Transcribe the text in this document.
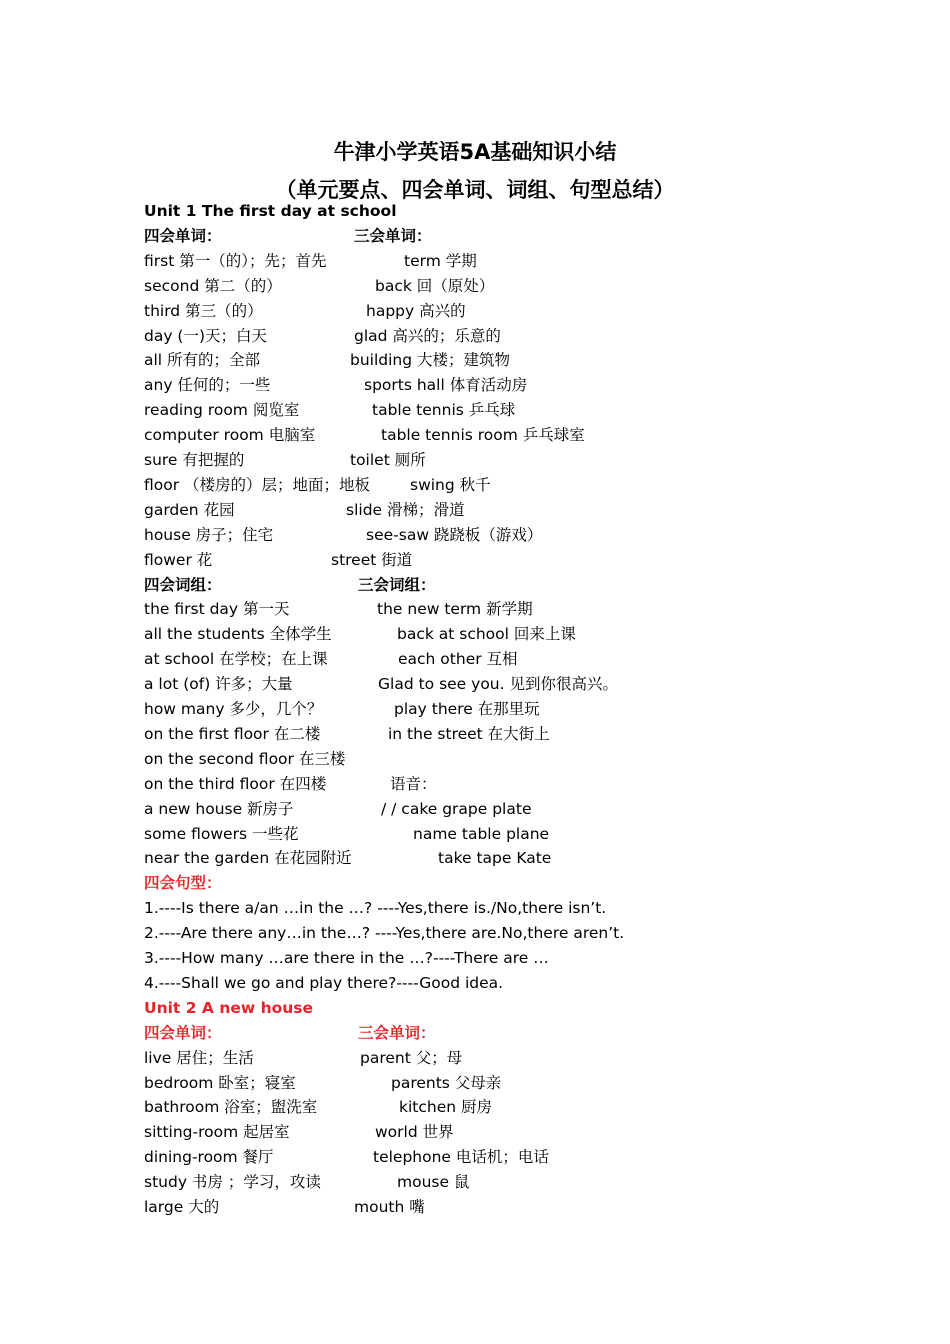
牛津小学英语5A基础知识小结
（单元要点、四会单词、词组、句型总结）
Unit 1 The first day at school
四会单词：	三会单词：
first 第一（的）；先；首先	term 学期
second 第二（的）	back 回（原处）
third 第三（的）	happy 高兴的
day (一)天；白天	glad 高兴的；乐意的
all 所有的；全部	building 大楼；建筑物
any 任何的；一些	sports hall 体育活动房
reading room 阅览室	table tennis 乒乓球
computer room 电脑室	table tennis room 乒乓球室
sure 有把握的	toilet 厕所
floor （楼房的）层；地面；地板	swing 秋千
garden 花园	slide 滑梯；滑道
house 房子；住宅	see-saw 跷跷板（游戏）
flower 花	street 街道
四会词组：	三会词组：
the first day 第一天	the new term 新学期
all the students 全体学生	back at school 回来上课
at school 在学校；在上课	each other 互相
a lot (of) 许多；大量	Glad to see you. 见到你很高兴。
how many 多少，几个？	play there 在那里玩
on the first floor 在二楼	in the street 在大街上
on the second floor 在三楼
on the third floor 在四楼	语音：
a new house 新房子	/ / cake grape plate
some flowers 一些花	name table plane
near the garden 在花园附近	take tape Kate
四会句型：
1.----Is there a/an …in the …? ----Yes,there is./No,there isn’t.
2.----Are there any…in the…? ----Yes,there are.No,there aren’t.
3.----How many …are there in the …?----There are …
4.----Shall we go and play there?----Good idea.
Unit 2 A new house
四会单词：	三会单词：
live 居住；生活	parent 父；母
bedroom 卧室；寝室	parents 父母亲
bathroom 浴室；盥洗室	kitchen 厨房
sitting-room 起居室	world 世界
dining-room 餐厅	telephone 电话机；电话
study 书房 ；学习，攻读	mouse 鼠
large 大的	mouth 嘴
